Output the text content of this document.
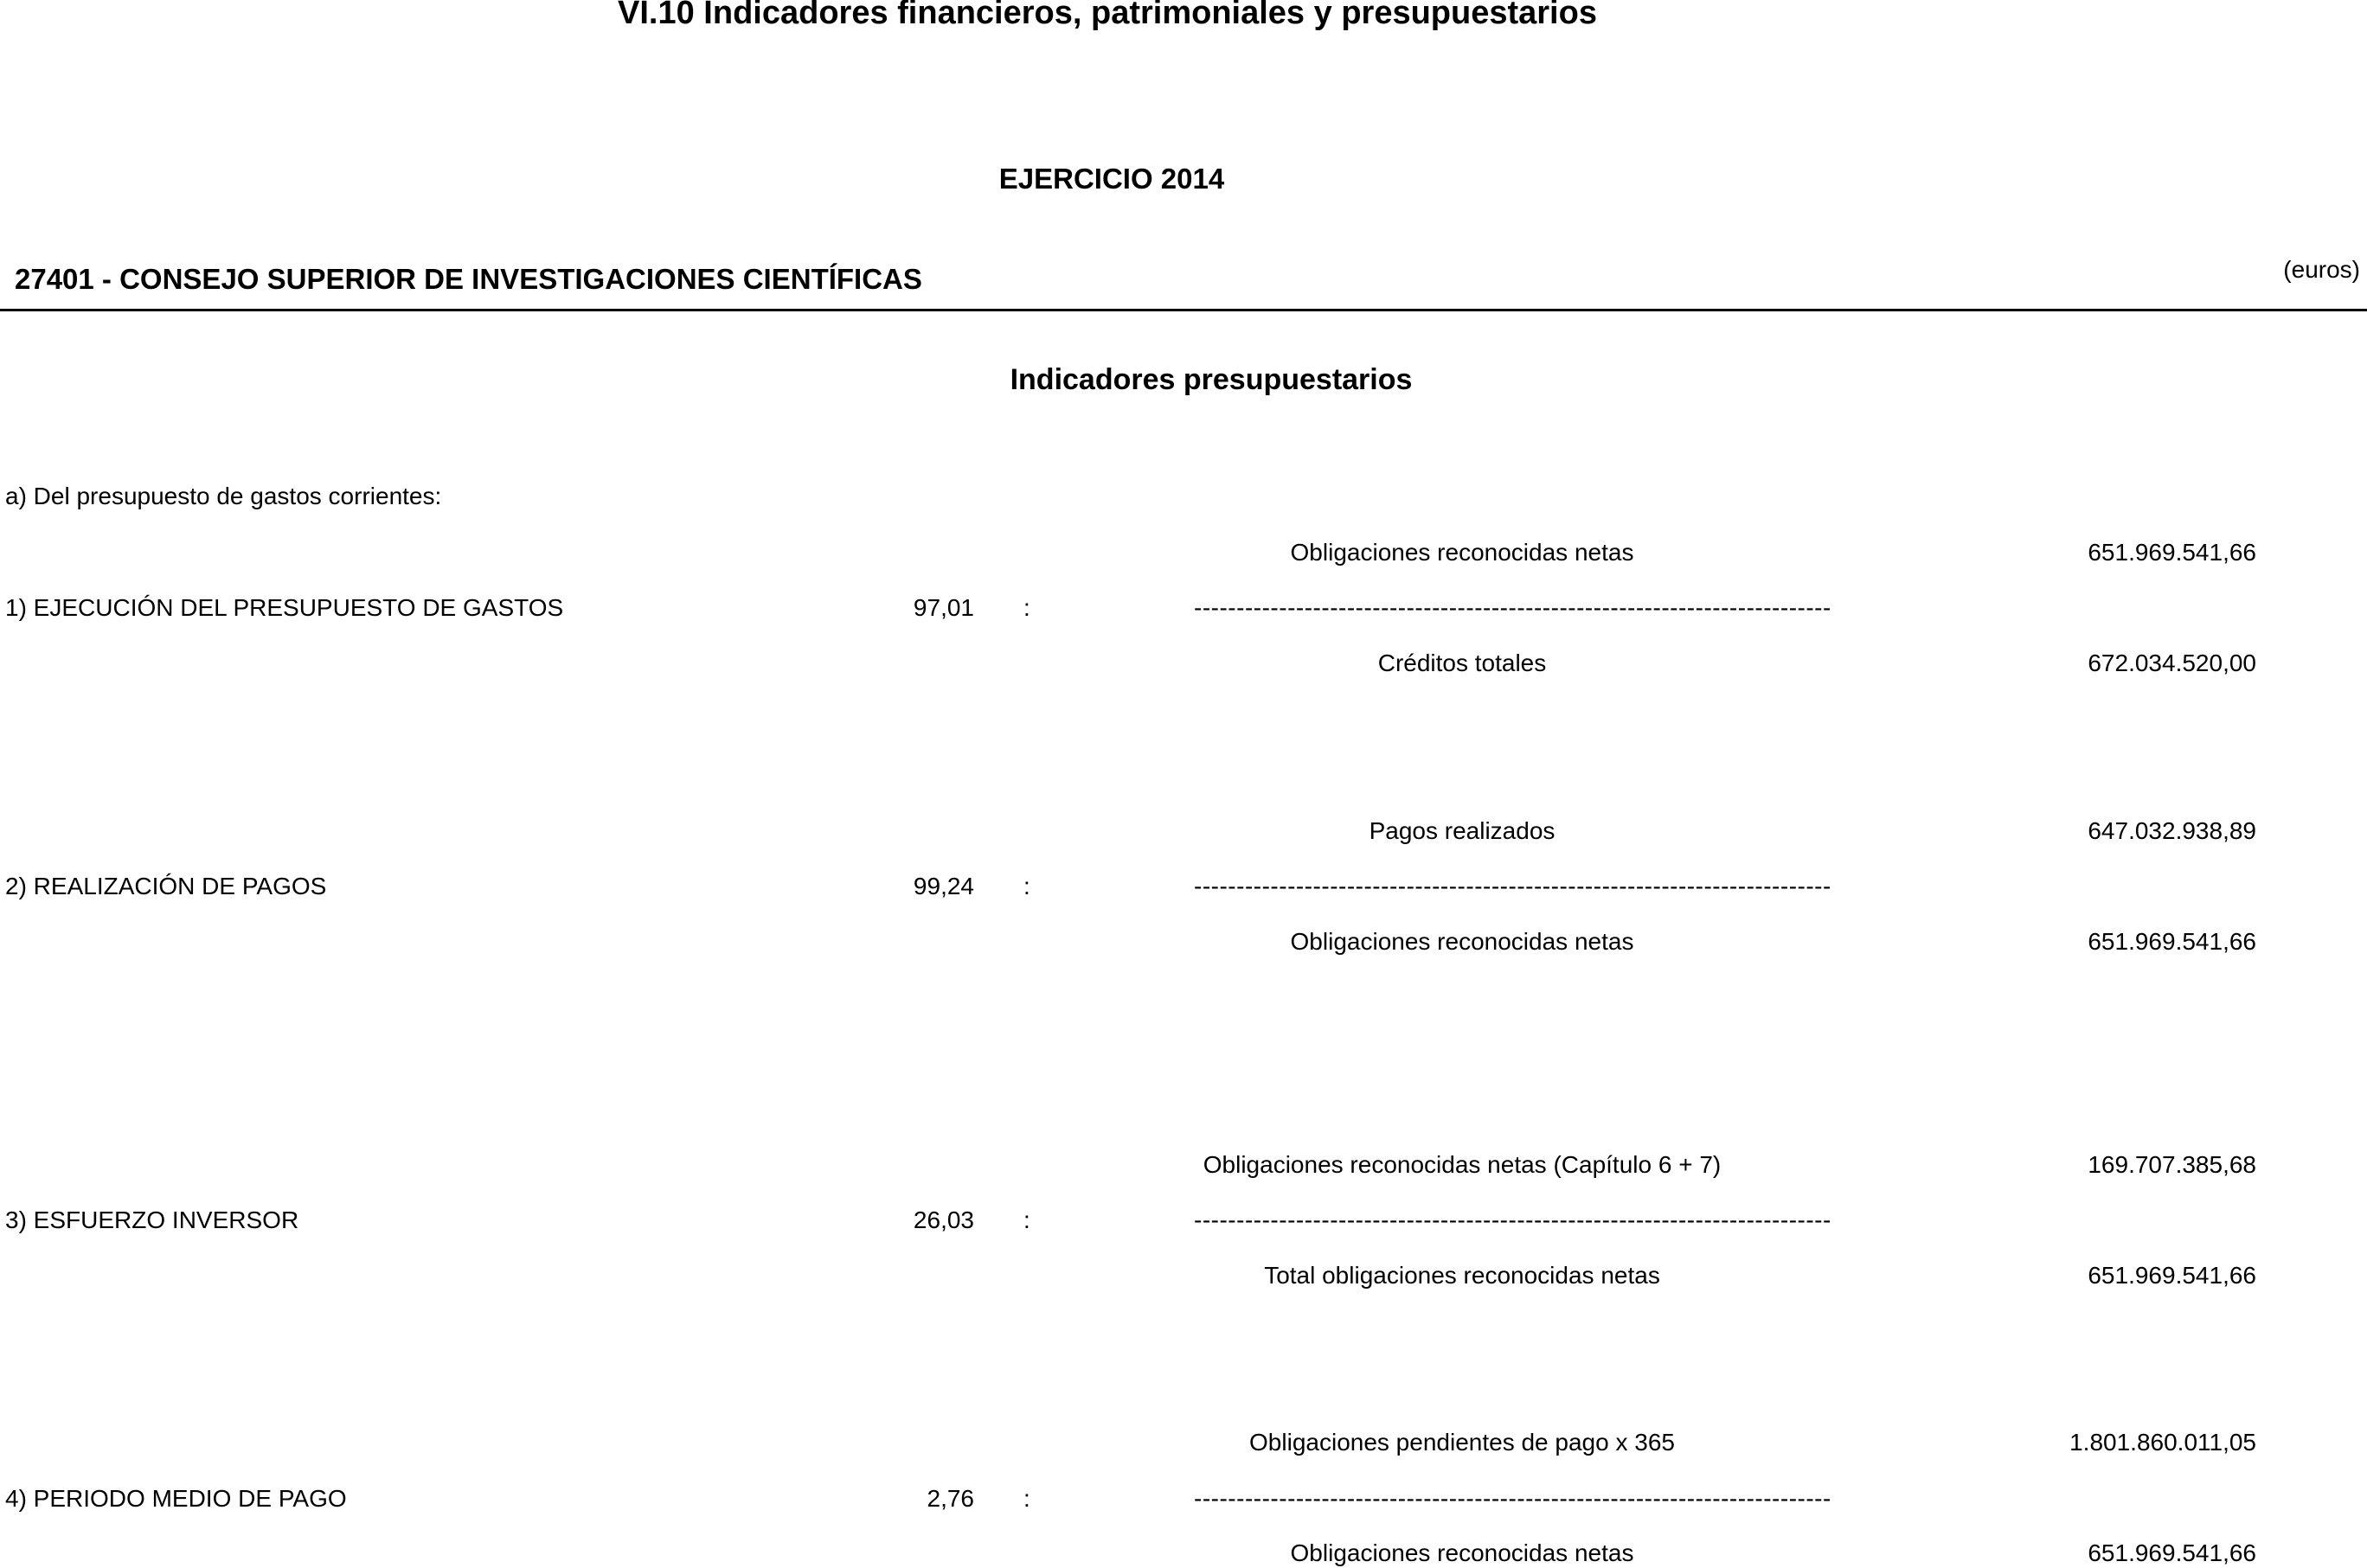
VI.10 Indicadores financieros, patrimoniales y presupuestarios
EJERCICIO 2014
27401 - CONSEJO SUPERIOR DE INVESTIGACIONES CIENTÍFICAS	(euros)
Indicadores presupuestarios
a) Del presupuesto de gastos corrientes:
Obligaciones reconocidas netas	651.969.541,66
1) EJECUCIÓN DEL PRESUPUESTO DE GASTOS	97,01 :	---------------------------------------------------------------------------
Créditos totales	672.034.520,00
Pagos realizados	647.032.938,89
2) REALIZACIÓN DE PAGOS	99,24 :	---------------------------------------------------------------------------
Obligaciones reconocidas netas	651.969.541,66
Obligaciones reconocidas netas (Capítulo 6 + 7)	169.707.385,68
3) ESFUERZO INVERSOR	26,03 :	---------------------------------------------------------------------------
Total obligaciones reconocidas netas	651.969.541,66
Obligaciones pendientes de pago x 365	1.801.860.011,05
4) PERIODO MEDIO DE PAGO	2,76 :	---------------------------------------------------------------------------
Obligaciones reconocidas netas	651.969.541,66
